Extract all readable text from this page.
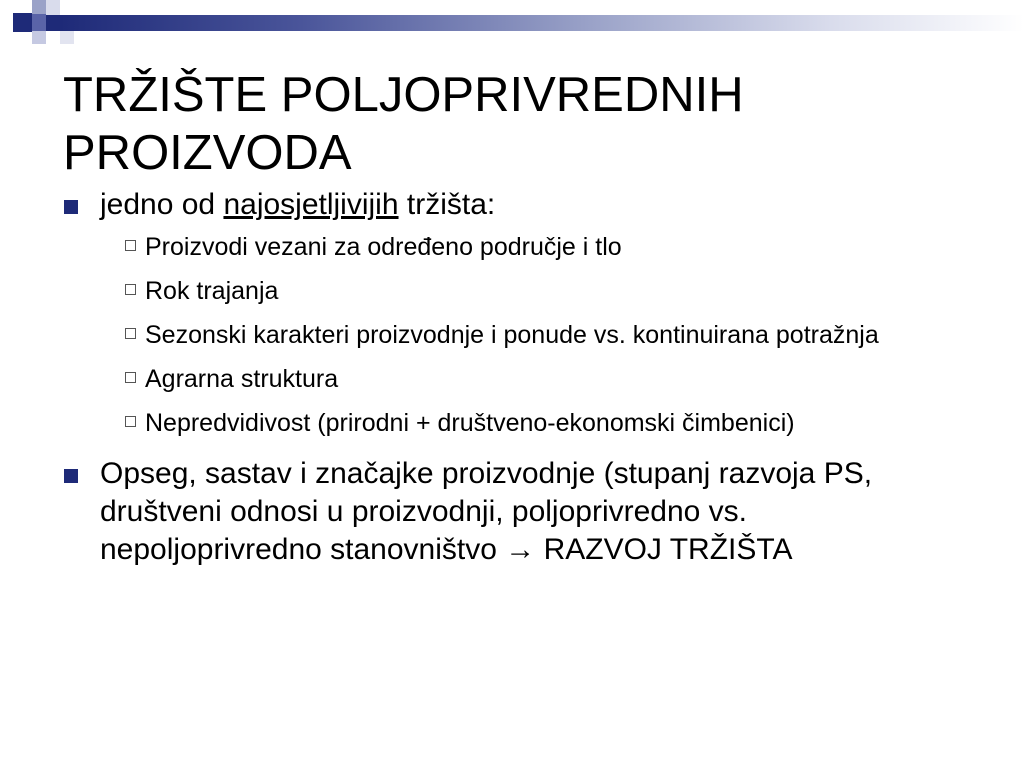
TRŽIŠTE POLJOPRIVREDNIH PROIZVODA
jedno od najosjetljivijih tržišta:
Proizvodi vezani za određeno područje i tlo
Rok trajanja
Sezonski karakteri proizvodnje i ponude vs. kontinuirana potražnja
Agrarna struktura
Nepredvidivost (prirodni + društveno-ekonomski čimbenici)
Opseg, sastav i značajke proizvodnje (stupanj razvoja PS, društveni odnosi u proizvodnji, poljoprivredno vs. nepoljoprivredno stanovništvo → RAZVOJ TRŽIŠTA
